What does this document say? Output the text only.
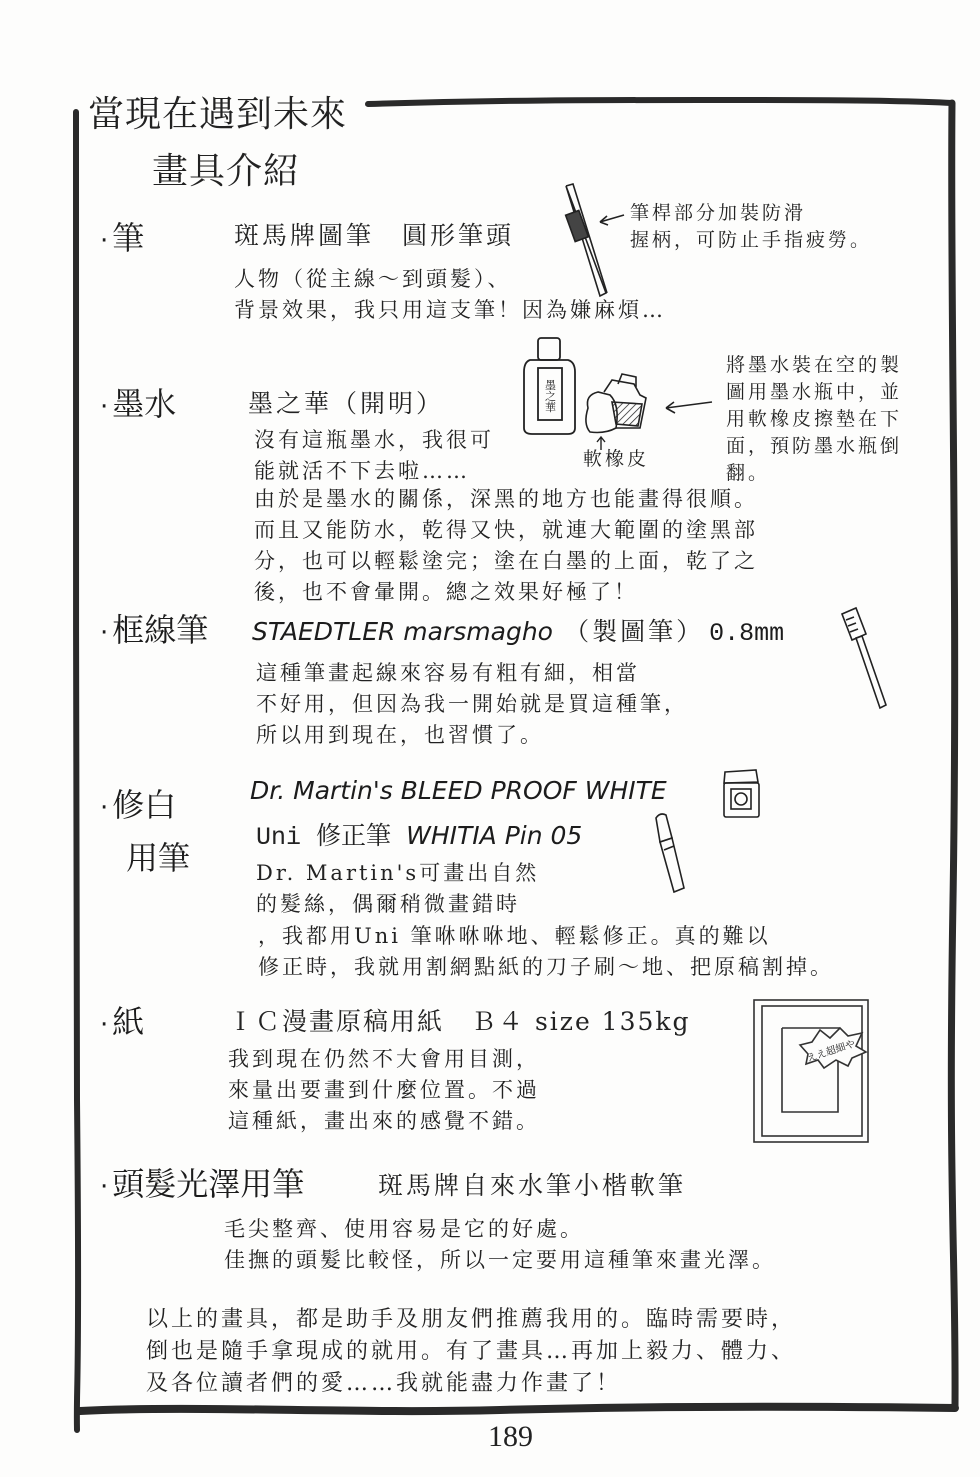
墨之華
ええ超細や
當現在遇到未來
畫具介紹
· 筆	斑馬牌圖筆　圓形筆頭
人物（從主線～到頭髮）、
背景效果，我只用這支筆！因為嫌麻煩…
筆桿部分加裝防滑
握柄，可防止手指疲勞。
· 墨水	墨之華（開明）
沒有這瓶墨水，我很可
能就活不下去啦……	軟橡皮
將墨水裝在空的製
圖用墨水瓶中，並
用軟橡皮擦墊在下
面，預防墨水瓶倒
翻。
由於是墨水的關係，深黑的地方也能畫得很順。
而且又能防水，乾得又快，就連大範圍的塗黑部
分，也可以輕鬆塗完；塗在白墨的上面，乾了之
後，也不會暈開。總之效果好極了！
· 框線筆 STAEDTLER marsmagho （製圖筆） 0.8mm
這種筆畫起線來容易有粗有細，相當
不好用，但因為我一開始就是買這種筆，
所以用到現在，也習慣了。
· 修白
用筆
Dr. Martin's BLEED PROOF WHITE
Uni 修正筆 WHITIA Pin 05
Dr. Martin's可畫出自然
的髮絲，偶爾稍微畫錯時
，我都用Uni 筆咻咻咻地、輕鬆修正。真的難以
修正時，我就用割網點紙的刀子刷～地、把原稿割掉。
· 紙	ＩＣ漫畫原稿用紙　Ｂ４ size 135kg
我到現在仍然不大會用目測，
來量出要畫到什麼位置。不過
這種紙，畫出來的感覺不錯。
· 頭髮光澤用筆	斑馬牌自來水筆小楷軟筆
毛尖整齊、使用容易是它的好處。
佳撫的頭髮比較怪，所以一定要用這種筆來畫光澤。
以上的畫具，都是助手及朋友們推薦我用的。臨時需要時，
倒也是隨手拿現成的就用。有了畫具…再加上毅力、體力、
及各位讀者們的愛……我就能盡力作畫了！
189
